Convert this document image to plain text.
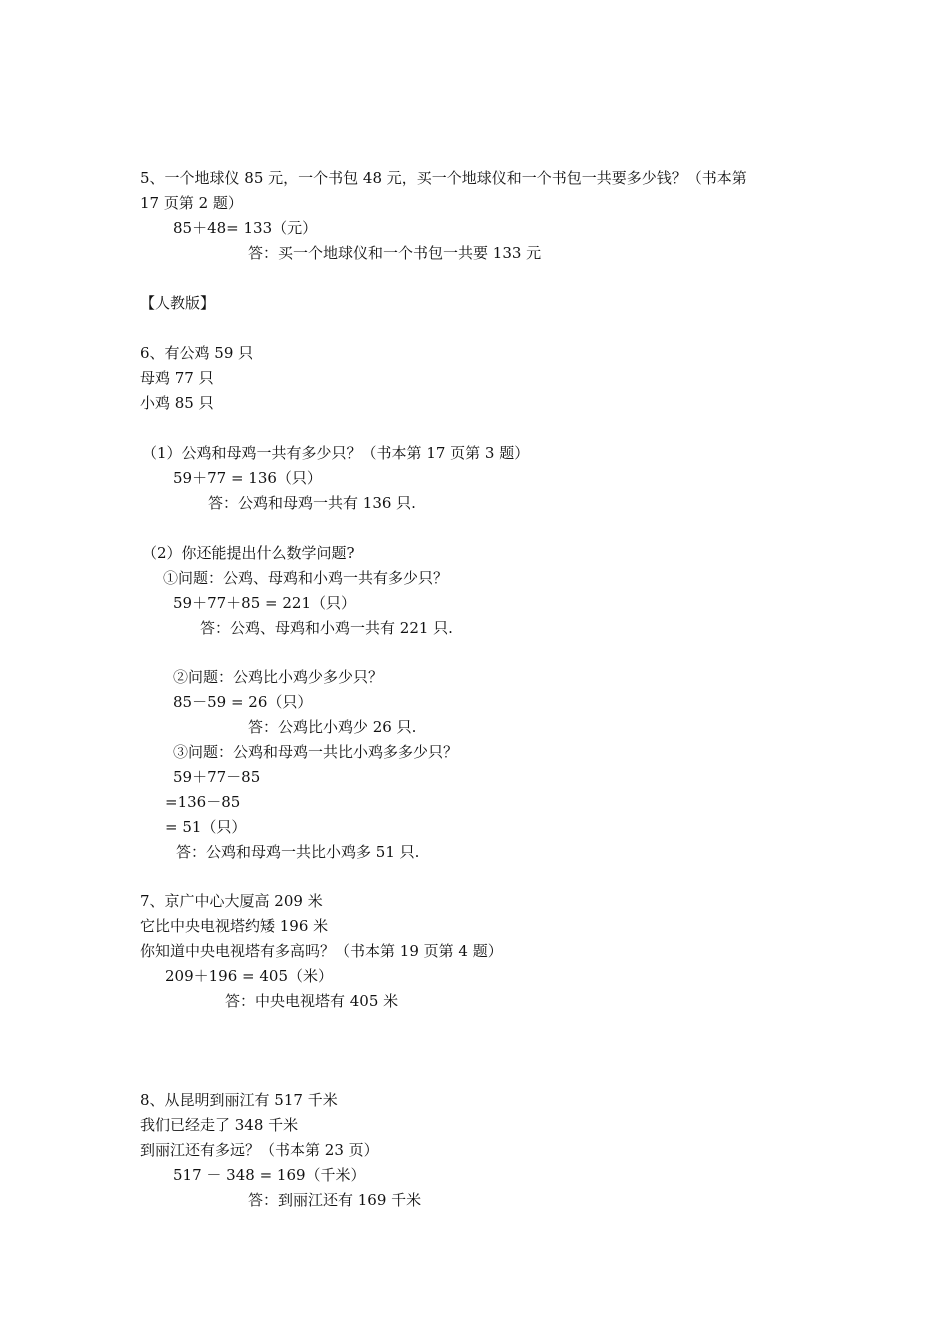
5、一个地球仪 85 元，一个书包 48 元，买一个地球仪和一个书包一共要多少钱？（书本第
17 页第 2 题）
85＋48= 133（元）
答：买一个地球仪和一个书包一共要 133 元
【人教版】
6、有公鸡 59 只
母鸡 77 只
小鸡 85 只
（1）公鸡和母鸡一共有多少只？（书本第 17 页第 3 题）
59＋77 = 136（只）
答：公鸡和母鸡一共有 136 只.
（2）你还能提出什么数学问题?
①问题：公鸡、母鸡和小鸡一共有多少只？
59＋77＋85 = 221（只）
答：公鸡、母鸡和小鸡一共有 221 只.
②问题：公鸡比小鸡少多少只？
85－59 = 26（只）
答：公鸡比小鸡少 26 只.
③问题：公鸡和母鸡一共比小鸡多多少只？
59＋77－85
=136－85
= 51（只）
答：公鸡和母鸡一共比小鸡多 51 只.
7、京广中心大厦高 209 米
它比中央电视塔约矮 196 米
你知道中央电视塔有多高吗？（书本第 19 页第 4 题）
209＋196 = 405（米）
答：中央电视塔有 405 米
8、从昆明到丽江有 517 千米
我们已经走了 348 千米
到丽江还有多远？（书本第 23 页）
517 － 348 = 169（千米）
答：到丽江还有 169 千米
